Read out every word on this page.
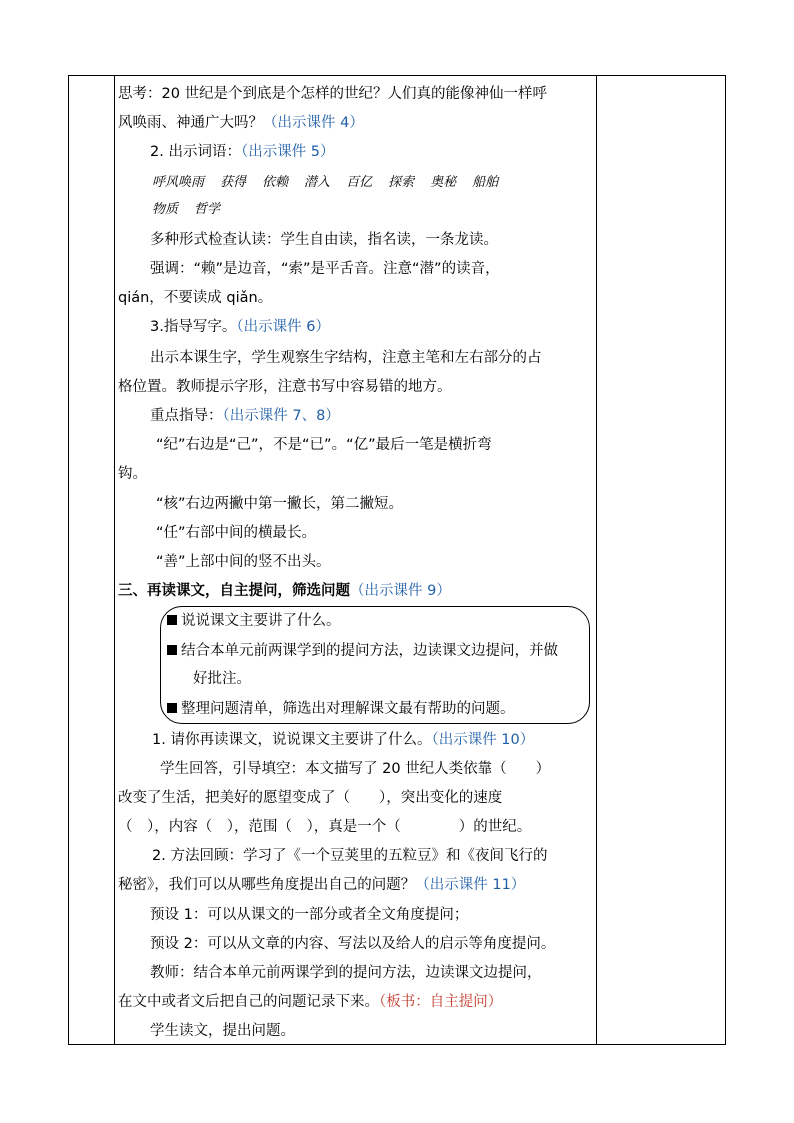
思考：20 世纪是个到底是个怎样的世纪？人们真的能像神仙一样呼
风唤雨、神通广大吗？（出示课件 4）
2. 出示词语：（出示课件 5）
呼风唤雨 获得 依赖 潜入 百亿 探索 奥秘 船舶
物质 哲学
多种形式检查认读：学生自由读，指名读，一条龙读。
强调：“赖”是边音，“索”是平舌音。注意“潜”的读音，
qián，不要读成 qiǎn。
3.指导写字。（出示课件 6）
出示本课生字，学生观察生字结构，注意主笔和左右部分的占
格位置。教师提示字形，注意书写中容易错的地方。
重点指导：（出示课件 7、8）
“纪”右边是“己”，不是“已”。“亿”最后一笔是横折弯
钩。
“核”右边两撇中第一撇长，第二撇短。
“任”右部中间的横最长。
“善”上部中间的竖不出头。
三、再读课文，自主提问，筛选问题（出示课件 9）
说说课文主要讲了什么。
结合本单元前两课学到的提问方法，边读课文边提问，并做
好批注。
整理问题清单，筛选出对理解课文最有帮助的问题。
1. 请你再读课文，说说课文主要讲了什么。（出示课件 10）
学生回答，引导填空：本文描写了 20 世纪人类依靠（　　）
改变了生活，把美好的愿望变成了（　　），突出变化的速度
（　），内容（　），范围（　），真是一个（　　　　）的世纪。
2. 方法回顾：学习了《一个豆荚里的五粒豆》和《夜间飞行的
秘密》，我们可以从哪些角度提出自己的问题？（出示课件 11）
预设 1：可以从课文的一部分或者全文角度提问；
预设 2：可以从文章的内容、写法以及给人的启示等角度提问。
教师：结合本单元前两课学到的提问方法，边读课文边提问，
在文中或者文后把自己的问题记录下来。（板书：自主提问）
学生读文，提出问题。
